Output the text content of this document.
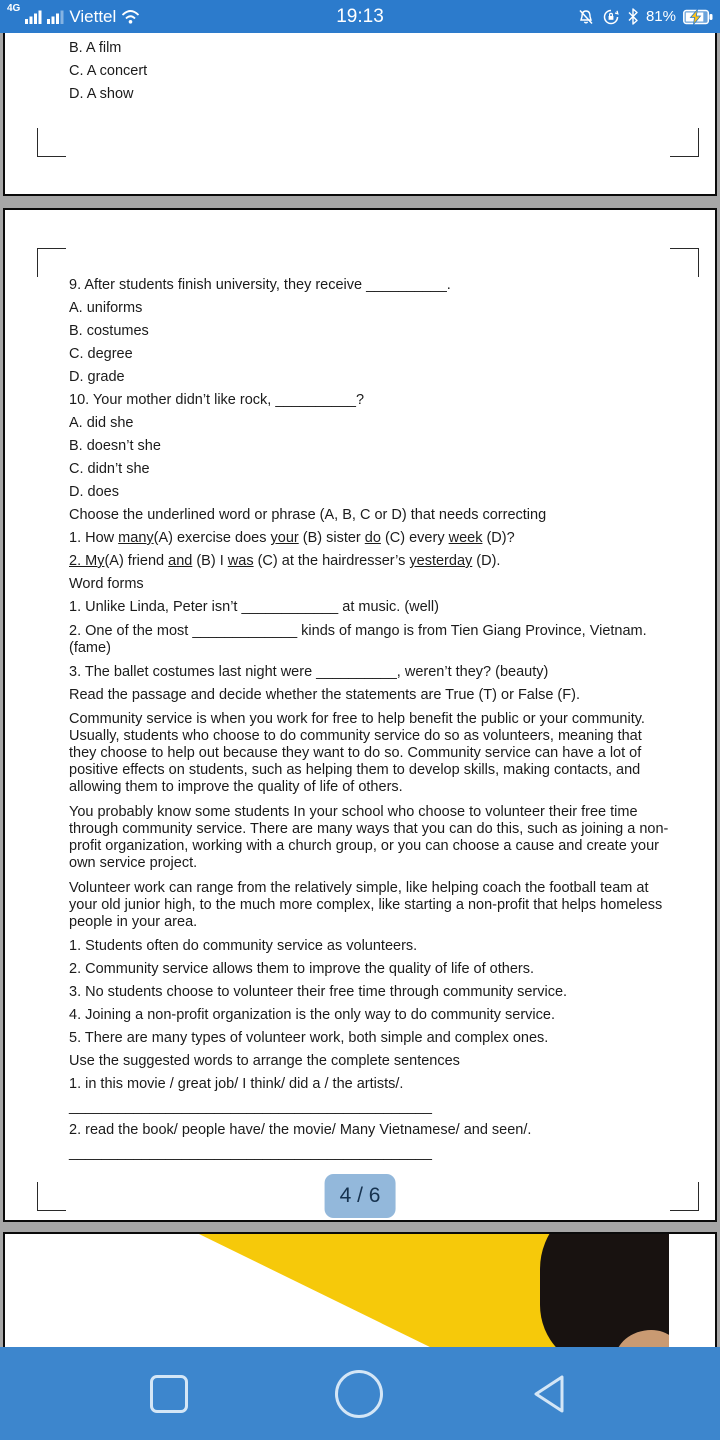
4G	Viettel	19:13	81%
B. A film
C. A concert
D. A show
9. After students finish university, they receive __________.
A. uniforms
B. costumes
C. degree
D. grade
10. Your mother didn’t like rock, __________?
A. did she
B. doesn’t she
C. didn’t she
D. does
Choose the underlined word or phrase (A, B, C or D) that needs correcting
1. How many(A) exercise does your (B) sister do (C) every week (D)?
2. My(A) friend and (B) I was (C) at the hairdresser’s yesterday (D).
Word forms
1. Unlike Linda, Peter isn’t ____________ at music. (well)
2. One of the most _____________ kinds of mango is from Tien Giang Province, Vietnam. (fame)
3. The ballet costumes last night were __________, weren’t they? (beauty)
Read the passage and decide whether the statements are True (T) or False (F).
Community service is when you work for free to help benefit the public or your community. Usually, students who choose to do community service do so as volunteers, meaning that they choose to help out because they want to do so. Community service can have a lot of positive effects on students, such as helping them to develop skills, making contacts, and allowing them to improve the quality of life of others.
You probably know some students In your school who choose to volunteer their free time through community service. There are many ways that you can do this, such as joining a non-profit organization, working with a church group, or you can choose a cause and create your own service project.
Volunteer work can range from the relatively simple, like helping coach the football team at your old junior high, to the much more complex, like starting a non-profit that helps homeless people in your area.
1. Students often do community service as volunteers.
2. Community service allows them to improve the quality of life of others.
3. No students choose to volunteer their free time through community service.
4. Joining a non-profit organization is the only way to do community service.
5. There are many types of volunteer work, both simple and complex ones.
Use the suggested words to arrange the complete sentences
1. in this movie / great job/ I think/ did a / the artists/.
_____________________________________________
2. read the book/ people have/ the movie/ Many Vietnamese/ and seen/.
_____________________________________________
4 / 6
